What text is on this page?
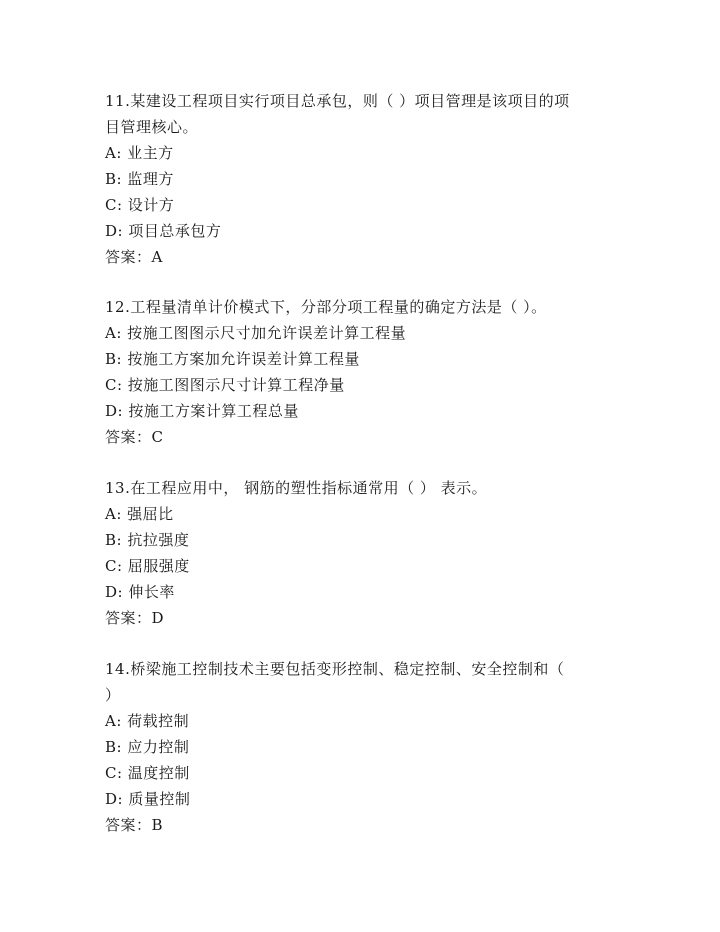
11.某建设工程项目实行项目总承包，则（ ）项目管理是该项目的项
目管理核心。
A: 业主方
B: 监理方
C: 设计方
D: 项目总承包方
答案：A
12.工程量清单计价模式下，分部分项工程量的确定方法是（ ）。
A: 按施工图图示尺寸加允许误差计算工程量
B: 按施工方案加允许误差计算工程量
C: 按施工图图示尺寸计算工程净量
D: 按施工方案计算工程总量
答案：C
13.在工程应用中， 钢筋的塑性指标通常用（ ） 表示。
A: 强屈比
B: 抗拉强度
C: 屈服强度
D: 伸长率
答案：D
14.桥梁施工控制技术主要包括变形控制、稳定控制、安全控制和（
）
A: 荷载控制
B: 应力控制
C: 温度控制
D: 质量控制
答案：B
